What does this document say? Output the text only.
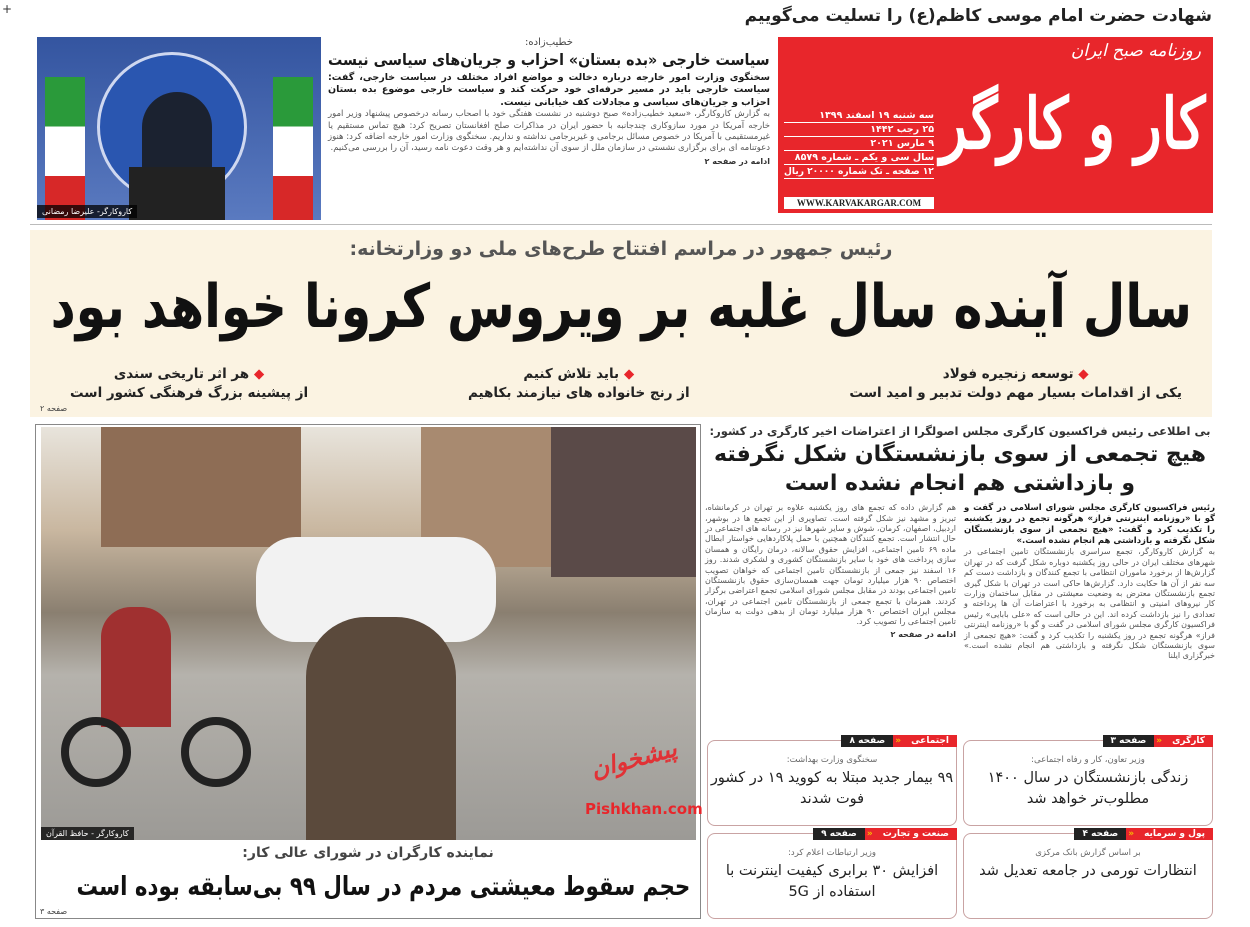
+	شهادت حضرت امام موسی کاظم(ع) را تسلیت می‌گوییم
روزنامه صبح ایران
کار و کارگر
سه شنبه ۱۹ اسفند ۱۳۹۹
۲۵ رجب ۱۴۴۲
۹ مارس ۲۰۲۱
سال سی و یکم ـ شماره ۸۵۷۹
۱۲ صفحه ـ تک شماره ۲۰۰۰۰ ریال
WWW.KARVAKARGAR.COM
کاروکارگر- علیرضا رمضانی
خطیب‌زاده:
سیاست خارجی «بده بستان» احزاب و جریان‌های سیاسی نیست

سخنگوی وزارت امور خارجه درباره دخالت و مواضع افراد مختلف در سیاست خارجی، گفت: سیاست خارجی باید در مسیر حرفه‌ای خود حرکت کند و سیاست خارجی موضوع بده بستان احزاب و جریان‌های سیاسی و مجادلات کف خیابانی نیست.

به گزارش کاروکارگر، «سعید خطیب‌زاده» صبح دوشنبه در نشست هفتگی خود با اصحاب رسانه درخصوص پیشنهاد وزیر امور خارجه آمریکا در مورد سازوکاری چندجانبه با حضور ایران در مذاکرات صلح افغانستان تصریح کرد: هیچ تماس مستقیم یا غیرمستقیمی با آمریکا در خصوص مسائل برجامی و غیربرجامی نداشته و نداریم. سخنگوی وزارت امور خارجه اضافه کرد: هنوز دعوتنامه ای برای برگزاری نشستی در سازمان ملل از سوی آن نداشته‌ایم و هر وقت دعوت نامه رسید، آن را بررسی می‌کنیم.

ادامه در صفحه ۲
رئیس جمهور در مراسم افتتاح طرح‌های ملی دو وزارتخانه:
سال آینده سال غلبه بر ویروس کرونا خواهد بود
◆ توسعه زنجیره فولاد
یکی از اقدامات بسیار مهم دولت تدبیر و امید است
◆ باید تلاش کنیم
از رنج خانواده های نیازمند بکاهیم
◆ هر اثر تاریخی سندی
از پیشینه بزرگ فرهنگی کشور است
صفحه ۲
کاروکارگر - حافظ القرآن
نماینده کارگران در شورای عالی کار:
حجم سقوط معیشتی مردم در سال ۹۹ بی‌سابقه بوده است
صفحه ۳
بی اطلاعی رئیس فراکسیون کارگری مجلس اصولگرا از اعتراضات اخیر کارگری در کشور:
هیچ تجمعی از سوی بازنشستگان شکل نگرفته و بازداشتی هم انجام نشده است

رئیس فراکسیون کارگری مجلس شورای اسلامی در گفت و گو با «روزنامه اینترنتی فراز» هرگونه تجمع در روز یکشنبه را تکذیب کرد و گفت: «هیچ تجمعی از سوی بازنشستگان شکل نگرفته و بازداشتی هم انجام نشده است.»

به گزارش کاروکارگر، تجمع سراسری بازنشستگان تامین اجتماعی در شهرهای مختلف ایران در حالی روز یکشنبه دوباره شکل گرفت که در تهران گزارش‌ها از برخورد ماموران انتظامی با تجمع کنندگان و بازداشت دست کم سه نفر از آن ها حکایت دارد. گزارش‌ها حاکی است در تهران با شکل گیری تجمع بازنشستگان معترض به وضعیت معیشتی در مقابل ساختمان وزارت کار نیروهای امنیتی و انتظامی به برخورد با اعتراضات آن ها پرداخته و تعدادی را نیز بازداشت کرده اند. این در حالی است که «علی بابایی» رئیس فراکسیون کارگری مجلس شورای اسلامی در گفت و گو با «روزنامه اینترنتی فراز» هرگونه تجمع در روز یکشنبه را تکذیب کرد و گفت: «هیچ تجمعی از سوی بازنشستگان شکل نگرفته و بازداشتی هم انجام نشده است.» خبرگزاری ایلنا

هم گزارش داده که تجمع های روز یکشنبه علاوه بر تهران در کرمانشاه، تبریز و مشهد نیز شکل گرفته است. تصاویری از این تجمع ها در بوشهر، اردبیل، اصفهان، کرمان، شوش و سایر شهرها نیز در رسانه های اجتماعی در حال انتشار است. تجمع کنندگان همچنین با حمل پلاکاردهایی خواستار ابطال ماده ۶۹ تامین اجتماعی، افزایش حقوق سالانه، درمان رایگان و همسان سازی پرداخت های خود با سایر بازنشستگان کشوری و لشکری شدند. روز ۱۶ اسفند نیز جمعی از بازنشستگان تامین اجتماعی که خواهان تصویب اختصاص ۹۰ هزار میلیارد تومان جهت همسان‌سازی حقوق بازنشستگان تامین اجتماعی بودند در مقابل مجلس شورای اسلامی تجمع اعتراضی برگزار کردند. همزمان با تجمع جمعی از بازنشستگان تامین اجتماعی در تهران، مجلس ایران اختصاص ۹۰ هزار میلیارد تومان از بدهی دولت به سازمان تامین اجتماعی را تصویب کرد.

ادامه در صفحه ۲
کارگری
«
صفحه ۳
وزیر تعاون، کار و رفاه اجتماعی:
زندگی بازنشستگان در سال ۱۴۰۰ مطلوب‌تر خواهد شد
اجتماعی
«
صفحه ۸
سخنگوی وزارت بهداشت:
۹۹ بیمار جدید مبتلا به کووید ۱۹ در کشور فوت شدند
پول و سرمایه
«
صفحه ۴
بر اساس گزارش بانک مرکزی
انتظارات تورمی در جامعه تعدیل شد
صنعت و تجارت
«
صفحه ۹
وزیر ارتباطات اعلام کرد:
افزایش ۳۰ برابری کیفیت اینترنت با استفاده از 5G
پیشخوان
Pishkhan.com
